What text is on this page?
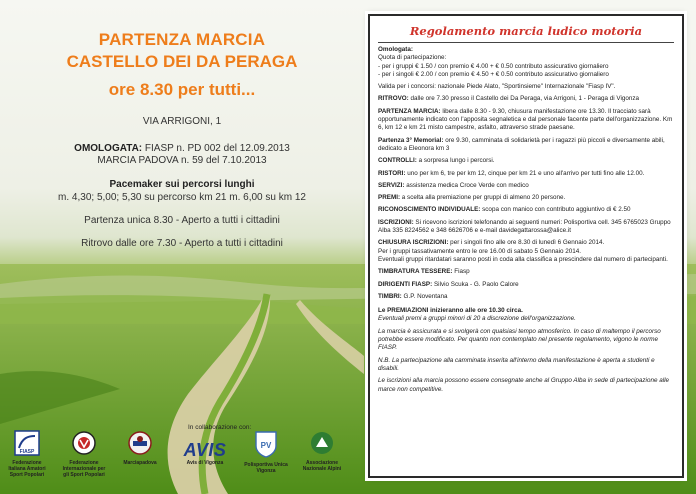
PARTENZA MARCIA
CASTELLO DEI DA PERAGA
ore 8.30 per tutti...
VIA ARRIGONI, 1
OMOLOGATA: FIASP n. PD 002 del 12.09.2013
MARCIA PADOVA n. 59 del 7.10.2013
Pacemaker sui percorsi lunghi
m. 4,30; 5,00; 5,30 su percorso km 21 m. 6,00 su km 12
Partenza unica 8.30 - Aperto a tutti i cittadini
Ritrovo dalle ore 7.30 - Aperto a tutti i cittadini
In collaborazione con:
FIASP
Federazione Italiana Amatori Sport Popolari
Federazione Internazionale per gli Sport Popolari
Marciapadova
AVIS
Avis di Vigonza
PV
Polisportiva Unica Vigonza
Associazione Nazionale Alpini
Regolamento marcia ludico motoria

Omologata:

Quota di partecipazione:

- per i gruppi € 1.50 / con premio € 4.00 + € 0.50 contributo assicurativo giornaliero

- per i singoli € 2.00 / con premio € 4.50 + € 0.50 contributo assicurativo giornaliero

Valida per i concorsi: nazionale Piede Alato, "Sportinsieme" Internazionale "Fiasp IV".

RITROVO: dalle ore 7.30 presso il Castello dei Da Peraga, via Arrigoni, 1 - Peraga di Vigonza

PARTENZA MARCIA: libera dalle 8.30 - 9.30, chiusura manifestazione ore 13.30. Il tracciato sarà opportunamente indicato con l'apposita segnaletica e dal personale facente parte dell'organizzazione. Km 6, km 12 e km 21 misto campestre, asfalto, attraverso strade paesane.

Partenza 3° Memorial: ore 9.30, camminata di solidarietà per i ragazzi più piccoli e diversamente abili, dedicato a Eleonora km 3

CONTROLLI: a sorpresa lungo i percorsi.

RISTORI: uno per km 6, tre per km 12, cinque per km 21 e uno all'arrivo per tutti fino alle 12.00.

SERVIZI: assistenza medica Croce Verde con medico

PREMI: a scelta alla premiazione per gruppi di almeno 20 persone.

RICONOSCIMENTO INDIVIDUALE: scopa con manico con contributo aggiuntivo di € 2.50

ISCRIZIONI: Si ricevono iscrizioni telefonando ai seguenti numeri: Polisportiva cell. 345 6765023 Gruppo Alba 335 8224562 e 348 6626706 e e-mail davidegattarossa@alice.it

CHIUSURA ISCRIZIONI: per i singoli fino alle ore 8.30 di lunedì 6 Gennaio 2014.
Per i gruppi tassativamente entro le ore 16.00 di sabato 5 Gennaio 2014.
Eventuali gruppi ritardatari saranno posti in coda alla classifica a prescindere dal numero di partecipanti.

TIMBRATURA TESSERE: Fiasp

DIRIGENTI FIASP: Silvio Scuka - G. Paolo Calore

TIMBRI: G.P. Noventana

Le PREMIAZIONI inizieranno alle ore 10.30 circa.

Eventuali premi a gruppi minori di 20 a discrezione dell'organizzazione.

La marcia è assicurata e si svolgerà con qualsiasi tempo atmosferico. In caso di maltempo il percorso potrebbe essere modificato. Per quanto non contemplato nel presente regolamento, vigono le norme FIASP.

N.B. La partecipazione alla camminata inserita all'interno della manifestazione è aperta a studenti e disabili.

Le iscrizioni alla marcia possono essere consegnate anche al Gruppo Alba in sede di partecipazione alle marce non competitive.
